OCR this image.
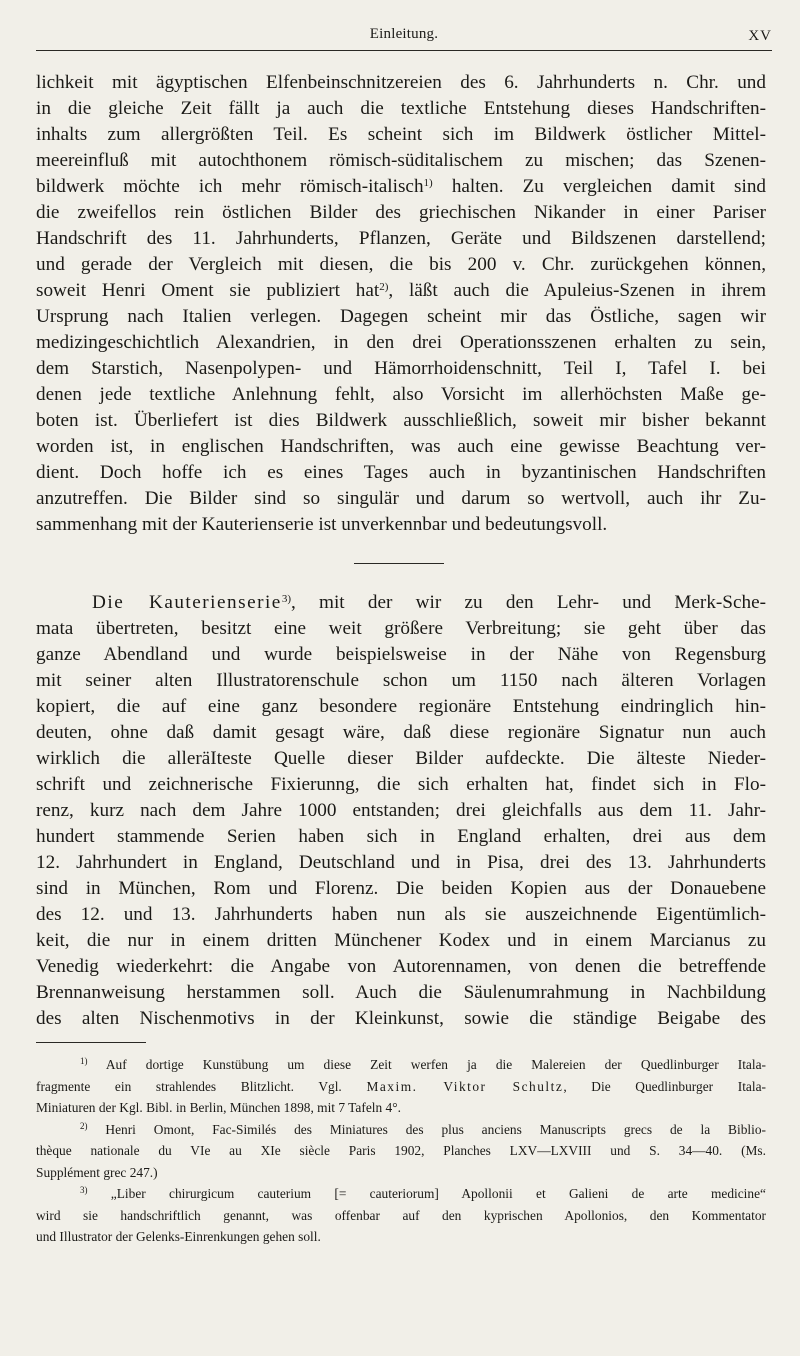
Einleitung.	XV
lichkeit mit ägyptischen Elfenbeinschnitzereien des 6. Jahrhunderts n. Chr. und
in die gleiche Zeit fällt ja auch die textliche Entstehung dieses Handschriften-
inhalts zum allergrößten Teil. Es scheint sich im Bildwerk östlicher Mittel-
meereinfluß mit autochthonem römisch-süditalischem zu mischen; das Szenen-
bildwerk möchte ich mehr römisch-italisch$^{1)}$ halten. Zu vergleichen damit sind
die zweifellos rein östlichen Bilder des griechischen Nikander in einer Pariser
Handschrift des 11. Jahrhunderts, Pflanzen, Geräte und Bildszenen darstellend;
und gerade der Vergleich mit diesen, die bis 200 v. Chr. zurückgehen können,
soweit Henri Oment sie publiziert hat$^{2)}$, läßt auch die Apuleius-Szenen in ihrem
Ursprung nach Italien verlegen. Dagegen scheint mir das Östliche, sagen wir
medizingeschichtlich Alexandrien, in den drei Operationsszenen erhalten zu sein,
dem Starstich, Nasenpolypen- und Hämorrhoidenschnitt, Teil I, Tafel I. bei
denen jede textliche Anlehnung fehlt, also Vorsicht im allerhöchsten Maße ge-
boten ist. Überliefert ist dies Bildwerk ausschließlich, soweit mir bisher bekannt
worden ist, in englischen Handschriften, was auch eine gewisse Beachtung ver-
dient. Doch hoffe ich es eines Tages auch in byzantinischen Handschriften
anzutreffen. Die Bilder sind so singulär und darum so wertvoll, auch ihr Zu-
sammenhang mit der Kauterienserie ist unverkennbar und bedeutungsvoll.
Die Kauterienserie$^{3)}$, mit der wir zu den Lehr- und Merk-Sche-
mata übertreten, besitzt eine weit größere Verbreitung; sie geht über das
ganze Abendland und wurde beispielsweise in der Nähe von Regensburg
mit seiner alten Illustratorenschule schon um 1150 nach älteren Vorlagen
kopiert, die auf eine ganz besondere regionäre Entstehung eindringlich hin-
deuten, ohne daß damit gesagt wäre, daß diese regionäre Signatur nun auch
wirklich die alleräIteste Quelle dieser Bilder aufdeckte. Die älteste Nieder-
schrift und zeichnerische Fixierunng, die sich erhalten hat, findet sich in Flo-
renz, kurz nach dem Jahre 1000 entstanden; drei gleichfalls aus dem 11. Jahr-
hundert stammende Serien haben sich in England erhalten, drei aus dem
12. Jahrhundert in England, Deutschland und in Pisa, drei des 13. Jahrhunderts
sind in München, Rom und Florenz. Die beiden Kopien aus der Donauebene
des 12. und 13. Jahrhunderts haben nun als sie auszeichnende Eigentümlich-
keit, die nur in einem dritten Münchener Kodex und in einem Marcianus zu
Venedig wiederkehrt: die Angabe von Autorennamen, von denen die betreffende
Brennanweisung herstammen soll. Auch die Säulenumrahmung in Nachbildung
des alten Nischenmotivs in der Kleinkunst, sowie die ständige Beigabe des
$^{1)}$ Auf dortige Kunstübung um diese Zeit werfen ja die Malereien der Quedlinburger Itala-
fragmente ein strahlendes Blitzlicht. Vgl. Maxim. Viktor Schultz, Die Quedlinburger Itala-
Miniaturen der Kgl. Bibl. in Berlin, München 1898, mit 7 Tafeln 4°.
$^{2)}$ Henri Omont, Fac-Similés des Miniatures des plus anciens Manuscripts grecs de la Biblio-
thèque nationale du VIe au XIe siècle Paris 1902, Planches LXV—LXVIII und S. 34—40. (Ms.
Supplément grec 247.)
$^{3)}$ „Liber chirurgicum cauterium [= cauteriorum] Apollonii et Galieni de arte medicine“
wird sie handschriftlich genannt, was offenbar auf den kyprischen Apollonios, den Kommentator
und Illustrator der Gelenks-Einrenkungen gehen soll.
